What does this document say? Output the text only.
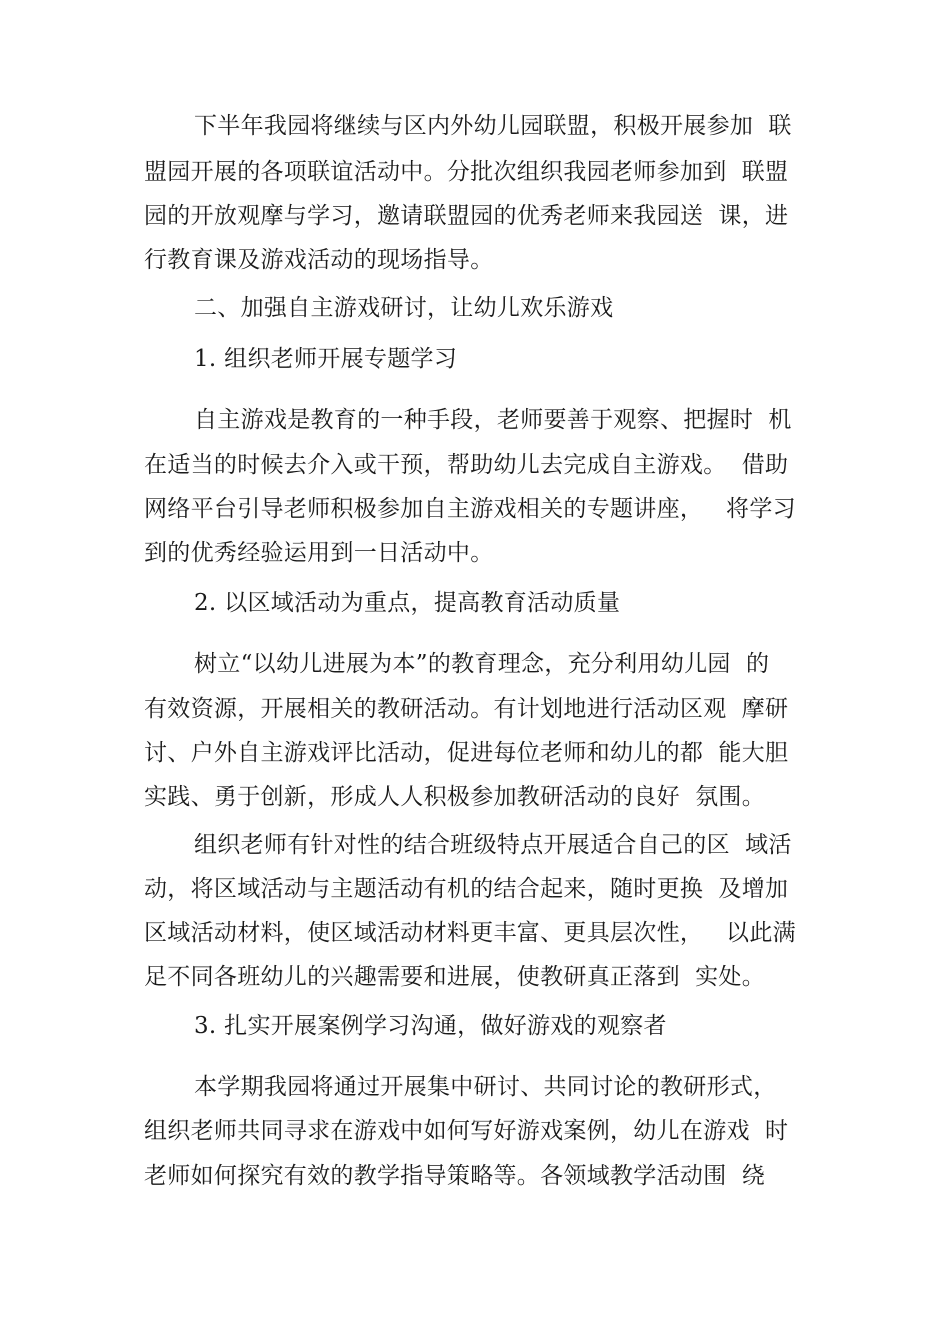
下半年我园将继续与区内外幼儿园联盟，积极开展参加  联
盟园开展的各项联谊活动中。分批次组织我园老师参加到  联盟
园的开放观摩与学习，邀请联盟园的优秀老师来我园送  课，进
行教育课及游戏活动的现场指导。
二、加强自主游戏研讨，让幼儿欢乐游戏
1. 组织老师开展专题学习
自主游戏是教育的一种手段，老师要善于观察、把握时  机
在适当的时候去介入或干预，帮助幼儿去完成自主游戏。  借助
网络平台引导老师积极参加自主游戏相关的专题讲座，   将学习
到的优秀经验运用到一日活动中。
2. 以区域活动为重点，提高教育活动质量
树立“以幼儿进展为本”的教育理念，充分利用幼儿园  的
有效资源，开展相关的教研活动。有计划地进行活动区观  摩研
讨、户外自主游戏评比活动，促进每位老师和幼儿的都  能大胆
实践、勇于创新，形成人人积极参加教研活动的良好  氛围。
组织老师有针对性的结合班级特点开展适合自己的区  域活
动，将区域活动与主题活动有机的结合起来，随时更换  及增加
区域活动材料，使区域活动材料更丰富、更具层次性，   以此满
足不同各班幼儿的兴趣需要和进展，使教研真正落到  实处。
3. 扎实开展案例学习沟通，做好游戏的观察者
本学期我园将通过开展集中研讨、共同讨论的教研形式，
组织老师共同寻求在游戏中如何写好游戏案例，幼儿在游戏  时
老师如何探究有效的教学指导策略等。各领域教学活动围  绕
